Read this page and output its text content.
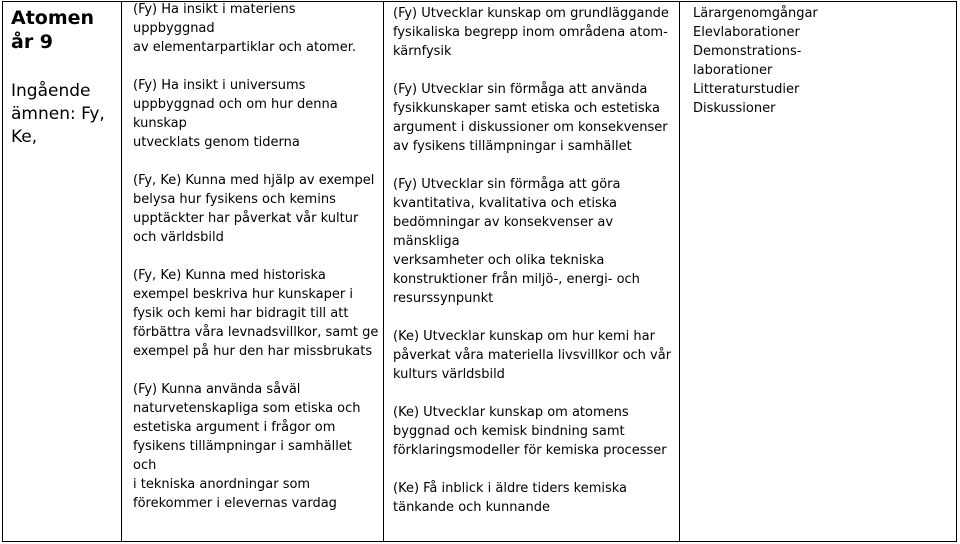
Atomen
år 9
Ingående
ämnen: Fy,
Ke,

(Fy) Ha insikt i materiens uppbyggnad
av elementarpartiklar och atomer.
(Fy) Ha insikt i universums
uppbyggnad och om hur denna kunskap
utvecklats genom tiderna
(Fy, Ke) Kunna med hjälp av exempel
belysa hur fysikens och kemins
upptäckter har påverkat vår kultur
och världsbild
(Fy, Ke) Kunna med historiska
exempel beskriva hur kunskaper i
fysik och kemi har bidragit till att
förbättra våra levnadsvillkor, samt ge
exempel på hur den har missbrukats
(Fy) Kunna använda såväl
naturvetenskapliga som etiska och
estetiska argument i frågor om
fysikens tillämpningar i samhället och
i tekniska anordningar som
förekommer i elevernas vardag

(Fy) Utvecklar kunskap om grundläggande
fysikaliska begrepp inom områdena atom-
kärnfysik
(Fy) Utvecklar sin förmåga att använda
fysikkunskaper samt etiska och estetiska
argument i diskussioner om konsekvenser
av fysikens tillämpningar i samhället
(Fy) Utvecklar sin förmåga att göra
kvantitativa, kvalitativa och etiska
bedömningar av konsekvenser av mänskliga
verksamheter och olika tekniska
konstruktioner från miljö-, energi- och
resurssynpunkt
(Ke) Utvecklar kunskap om hur kemi har
påverkat våra materiella livsvillkor och vår
kulturs världsbild
(Ke) Utvecklar kunskap om atomens
byggnad och kemisk bindning samt
förklaringsmodeller för kemiska processer
(Ke) Få inblick i äldre tiders kemiska
tänkande och kunnande

Lärargenomgångar
Elevlaborationer
Demonstrations-
laborationer
Litteraturstudier
Diskussioner
